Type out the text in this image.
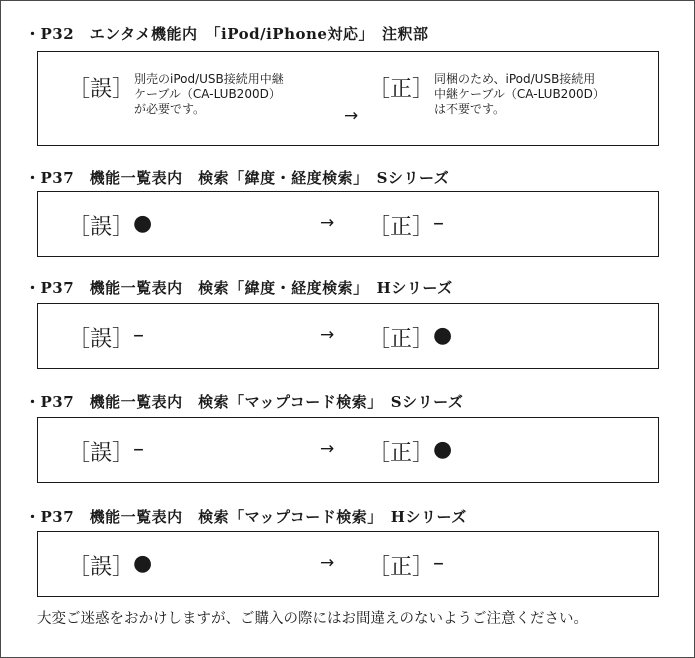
・P32　エンタメ機能内　「iPod/iPhone対応」　注釈部
［誤］ 別売のiPod/USB接続用中継
ケーブル（CA-LUB200D）
が必要です。	→
［正］ 同梱のため、iPod/USB接続用
中継ケーブル（CA-LUB200D）
は不要です。
・P37　機能一覧表内　検索「緯度・経度検索」　Sシリーズ
［誤］
●	→ ［正］
–
・P37　機能一覧表内　検索「緯度・経度検索」　Hシリーズ
［誤］
–	→ ［正］
●
・P37　機能一覧表内　検索「マップコード検索」　Sシリーズ
［誤］
–	→ ［正］
●
・P37　機能一覧表内　検索「マップコード検索」　Hシリーズ
［誤］
●	→ ［正］
–
大変ご迷惑をおかけしますが、ご購入の際にはお間違えのないようご注意ください。
